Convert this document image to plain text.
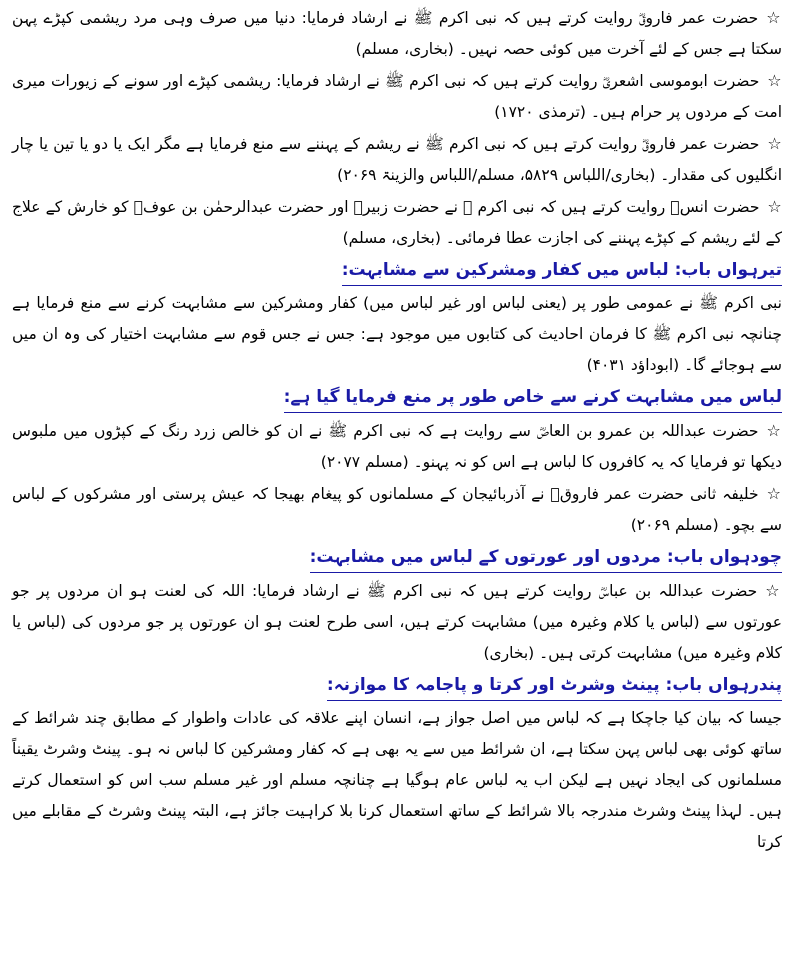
☆حضرت عمر فاروقؓ روایت کرتے ہیں کہ نبی اکرم ﷺ نے ارشاد فرمایا: دنیا میں صرف وہی مرد ریشمی کپڑے پہن سکتا ہے جس کے لئے آخرت میں کوئی حصہ نہیں۔ (بخاری، مسلم)

☆حضرت ابوموسی اشعریؓ روایت کرتے ہیں کہ نبی اکرم ﷺ نے ارشاد فرمایا: ریشمی کپڑے اور سونے کے زیورات میری امت کے مردوں پر حرام ہیں۔ (ترمذی ۱۷۲۰)

☆حضرت عمر فاروقؓ روایت کرتے ہیں کہ نبی اکرم ﷺ نے ریشم کے پہننے سے منع فرمایا ہے مگر ایک یا دو یا تین یا چار انگلیوں کی مقدار۔ (بخاری/اللباس ۵۸۲۹، مسلم/اللباس والزینۃ ۲۰۶۹)

☆حضرت انسؓ روایت کرتے ہیں کہ نبی اکرم ﷺ نے حضرت زبیرؓ اور حضرت عبدالرحمٰن بن عوفؓ کو خارش کے علاج کے لئے ریشم کے کپڑے پہننے کی اجازت عطا فرمائی۔ (بخاری، مسلم)

تیرہواں باب: لباس میں کفار ومشرکین سے مشابہت:

نبی اکرم ﷺ نے عمومی طور پر (یعنی لباس اور غیر لباس میں) کفار ومشرکین سے مشابہت کرنے سے منع فرمایا ہے چنانچہ نبی اکرم ﷺ کا فرمان احادیث کی کتابوں میں موجود ہے: جس نے جس قوم سے مشابہت اختیار کی وہ ان میں سے ہوجائے گا۔ (ابوداؤد ۴۰۳۱)

لباس میں مشابہت کرنے سے خاص طور پر منع فرمایا گیا ہے:

☆حضرت عبداللہ بن عمرو بن العاصؓ سے روایت ہے کہ نبی اکرم ﷺ نے ان کو خالص زرد رنگ کے کپڑوں میں ملبوس دیکھا تو فرمایا کہ یہ کافروں کا لباس ہے اس کو نہ پہنو۔ (مسلم ۲۰۷۷)

☆خلیفہ ثانی حضرت عمر فاروقؓ نے آذربائیجان کے مسلمانوں کو پیغام بھیجا کہ عیش پرستی اور مشرکوں کے لباس سے بچو۔ (مسلم ۲۰۶۹)

چودہواں باب: مردوں اور عورتوں کے لباس میں مشابہت:

☆حضرت عبداللہ بن عباسؓ روایت کرتے ہیں کہ نبی اکرم ﷺ نے ارشاد فرمایا: اللہ کی لعنت ہو ان مردوں پر جو عورتوں سے (لباس یا کلام وغیرہ میں) مشابہت کرتے ہیں، اسی طرح لعنت ہو ان عورتوں پر جو مردوں کی (لباس یا کلام وغیرہ میں) مشابہت کرتی ہیں۔ (بخاری)

پندرہواں باب: پینٹ وشرٹ اور کرتا و پاجامہ کا موازنہ:

جیسا کہ بیان کیا جاچکا ہے کہ لباس میں اصل جواز ہے، انسان اپنے علاقہ کی عادات واطوار کے مطابق چند شرائط کے ساتھ کوئی بھی لباس پہن سکتا ہے، ان شرائط میں سے یہ بھی ہے کہ کفار ومشرکین کا لباس نہ ہو۔ پینٹ وشرٹ یقیناً مسلمانوں کی ایجاد نہیں ہے لیکن اب یہ لباس عام ہوگیا ہے چنانچہ مسلم اور غیر مسلم سب اس کو استعمال کرتے ہیں۔ لہذا پینٹ وشرٹ مندرجہ بالا شرائط کے ساتھ استعمال کرنا بلا کراہیت جائز ہے، البتہ پینٹ وشرٹ کے مقابلے میں کرتا
